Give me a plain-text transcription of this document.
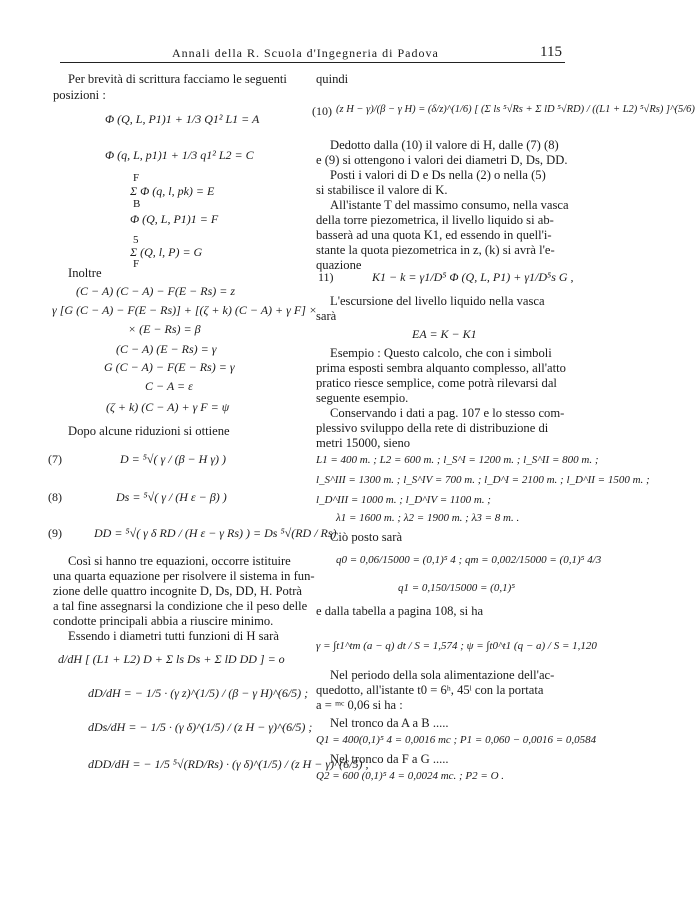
Annali della R. Scuola d'Ingegneria di Padova	115
Per brevità di scrittura facciamo le seguenti
posizioni :
Φ (Q, L, P1)1 + 1/3 Q1² L1 = A
Φ (q, L, p1)1 + 1/3 q1² L2 = C
F
Σ Φ (q, l, pk) = E
B
Φ (Q, L, P1)1 = F
5
Σ (Q, l, P) = G
F
Inoltre
(C − A) (C − A) − F(E − Rs) = z
γ [G (C − A) − F(E − Rs)] + [(ζ + k) (C − A) + γ F] ×
× (E − Rs) = β
(C − A) (E − Rs) = γ
G (C − A) − F(E − Rs) = γ
C − A = ε
(ζ + k) (C − A) + γ F = ψ
Dopo alcune riduzioni si ottiene
(7)	D = ⁵√( γ / (β − H γ) )
(8)	Ds = ⁵√( γ / (H ε − β) )
(9)	DD = ⁵√( γ δ RD / (H ε − γ Rs) ) = Ds ⁵√(RD / Rs)
Così si hanno tre equazioni, occorre istituire
una quarta equazione per risolvere il sistema in fun-
zione delle quattro incognite D, Ds, DD, H. Potrà
a tal fine assegnarsi la condizione che il peso delle
condotte principali abbia a riuscire minimo.
Essendo i diametri tutti funzioni di H sarà
d/dH [ (L1 + L2) D + Σ ls Ds + Σ lD DD ] = o
dD/dH = − 1/5 · (γ z)^(1/5) / (β − γ H)^(6/5) ;
dDs/dH = − 1/5 · (γ δ)^(1/5) / (z H − γ)^(6/5) ;
dDD/dH = − 1/5 ⁵√(RD/Rs) · (γ δ)^(1/5) / (z H − γ)^(6/5) ,
quindi
(10) (z H − γ)/(β − γ H) = (δ/z)^(1/6) [ (Σ ls ⁵√Rs + Σ lD ⁵√RD) / ((L1 + L2) ⁵√Rs) ]^(5/6)
Dedotto dalla (10) il valore di H, dalle (7) (8)
e (9) si ottengono i valori dei diametri D, Ds, DD.
Posti i valori di D e Ds nella (2) o nella (5)
si stabilisce il valore di K.
All'istante T del massimo consumo, nella vasca
della torre piezometrica, il livello liquido si ab-
basserà ad una quota K1, ed essendo in quell'i-
stante la quota piezometrica in z, (k) si avrà l'e-
quazione
11)	K1 − k = γ1/D⁵ Φ (Q, L, P1) + γ1/D⁵s G ,
L'escursione del livello liquido nella vasca
sarà
EA = K − K1
Esempio : Questo calcolo, che con i simboli
prima esposti sembra alquanto complesso, all'atto
pratico riesce semplice, come potrà rilevarsi dal
seguente esempio.
Conservando i dati a pag. 107 e lo stesso com-
plessivo sviluppo della rete di distribuzione di
metri 15000, sieno
L1 = 400 m. ; L2 = 600 m. ; l_S^I = 1200 m. ; l_S^II = 800 m. ;
l_S^III = 1300 m. ; l_S^IV = 700 m. ; l_D^I = 2100 m. ; l_D^II = 1500 m. ;
l_D^III = 1000 m. ; l_D^IV = 1100 m. ;
λ1 = 1600 m. ; λ2 = 1900 m. ; λ3 = 8 m. .
Ciò posto sarà
q0 = 0,06/15000 = (0,1)⁵ 4 ; qm = 0,002/15000 = (0,1)⁵ 4/3
q1 = 0,150/15000 = (0,1)⁵
e dalla tabella a pagina 108, si ha
γ = ∫t1^tm (a − q) dt / S = 1,574 ; ψ = ∫t0^t1 (q − a) / S = 1,120
Nel periodo della sola alimentazione dell'ac-
quedotto, all'istante t0 = 6ʰ, 45ˡ con la portata
a = ᵐᶜ 0,06 si ha :
Nel tronco da A a B .....
Q1 = 400(0,1)⁵ 4 = 0,0016 mc ; P1 = 0,060 − 0,0016 = 0,0584
Nel tronco da F a G .....
Q2 = 600 (0,1)⁵ 4 = 0,0024 mc. ; P2 = O .
